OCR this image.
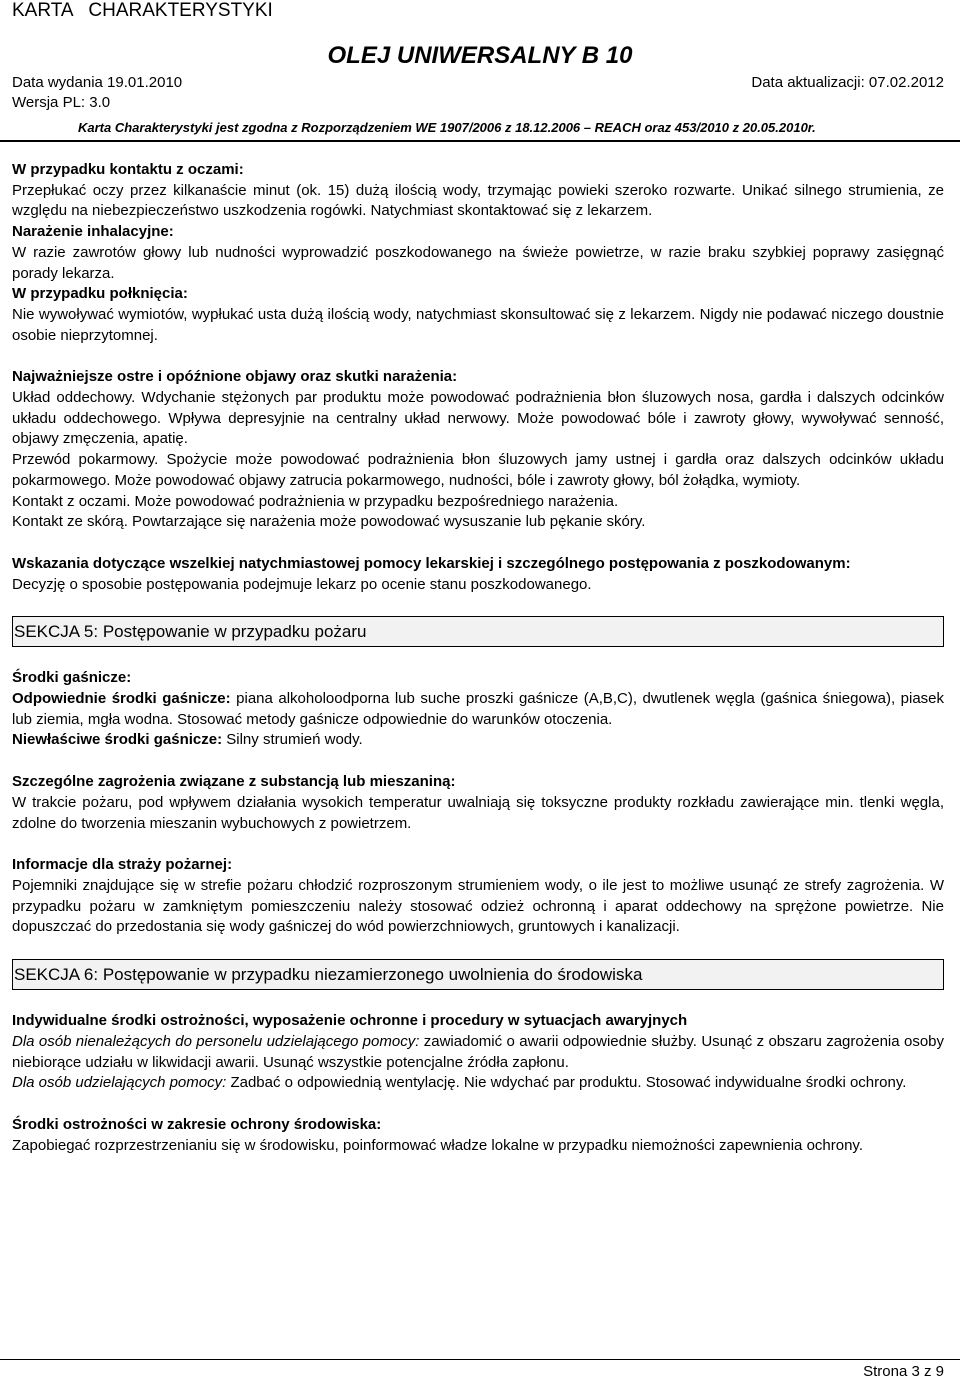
KARTA   CHARAKTERYSTYKI
OLEJ UNIWERSALNY B 10
Data wydania 19.01.2010	Data aktualizacji: 07.02.2012
Wersja PL: 3.0
Karta Charakterystyki jest zgodna z Rozporządzeniem WE 1907/2006 z 18.12.2006 – REACH oraz 453/2010 z 20.05.2010r.

W przypadku kontaktu z oczami:

Przepłukać oczy przez kilkanaście minut (ok. 15) dużą ilością wody, trzymając powieki szeroko rozwarte. Unikać silnego strumienia, ze względu na niebezpieczeństwo uszkodzenia rogówki. Natychmiast skontaktować się z lekarzem.

Narażenie inhalacyjne:

W razie zawrotów głowy lub nudności wyprowadzić poszkodowanego na świeże powietrze, w razie braku szybkiej poprawy zasięgnąć porady lekarza.

W przypadku połknięcia:

Nie wywoływać wymiotów, wypłukać usta dużą ilością wody, natychmiast skonsultować się z lekarzem. Nigdy nie podawać niczego doustnie osobie nieprzytomnej.

Najważniejsze ostre i opóźnione objawy oraz skutki narażenia:

Układ oddechowy. Wdychanie stężonych par produktu może powodować podrażnienia błon śluzowych nosa, gardła i dalszych odcinków układu oddechowego. Wpływa depresyjnie na centralny układ nerwowy. Może powodować bóle i zawroty głowy, wywoływać senność, objawy zmęczenia, apatię.

Przewód pokarmowy. Spożycie może powodować podrażnienia błon śluzowych jamy ustnej i gardła oraz dalszych odcinków układu pokarmowego. Może powodować objawy zatrucia pokarmowego, nudności, bóle i zawroty głowy, ból żołądka, wymioty.

Kontakt z oczami. Może powodować podrażnienia w przypadku bezpośredniego narażenia.

Kontakt ze skórą. Powtarzające się narażenia może powodować wysuszanie lub pękanie skóry.

Wskazania dotyczące wszelkiej natychmiastowej pomocy lekarskiej i szczególnego postępowania z poszkodowanym:

Decyzję o sposobie postępowania podejmuje lekarz po ocenie stanu poszkodowanego.

SEKCJA 5: Postępowanie w przypadku pożaru

Środki gaśnicze:

Odpowiednie środki gaśnicze: piana alkoholoodporna lub suche proszki gaśnicze (A,B,C), dwutlenek węgla (gaśnica śniegowa), piasek lub ziemia, mgła wodna. Stosować metody gaśnicze odpowiednie do warunków otoczenia.

Niewłaściwe środki gaśnicze: Silny strumień wody.

Szczególne zagrożenia związane z substancją lub mieszaniną:

W trakcie pożaru, pod wpływem działania wysokich temperatur uwalniają się toksyczne produkty rozkładu zawierające min. tlenki węgla, zdolne do tworzenia mieszanin wybuchowych z powietrzem.

Informacje dla straży pożarnej:

Pojemniki znajdujące się w strefie pożaru chłodzić rozproszonym strumieniem wody, o ile jest to możliwe usunąć ze strefy zagrożenia. W przypadku pożaru w zamkniętym pomieszczeniu należy stosować odzież ochronną i aparat oddechowy na sprężone powietrze. Nie dopuszczać do przedostania się wody gaśniczej do wód powierzchniowych, gruntowych i kanalizacji.

SEKCJA 6: Postępowanie w przypadku niezamierzonego uwolnienia do środowiska

Indywidualne środki ostrożności, wyposażenie ochronne i procedury w sytuacjach awaryjnych

Dla osób nienależących do personelu udzielającego pomocy: zawiadomić o awarii odpowiednie służby. Usunąć z obszaru zagrożenia osoby niebiorące udziału w likwidacji awarii. Usunąć wszystkie potencjalne źródła zapłonu.

Dla osób udzielających pomocy: Zadbać o odpowiednią wentylację. Nie wdychać par produktu. Stosować indywidualne środki ochrony.

Środki ostrożności w zakresie ochrony środowiska:

Zapobiegać rozprzestrzenianiu się w środowisku, poinformować władze lokalne w przypadku niemożności zapewnienia ochrony.

Strona 3 z 9
